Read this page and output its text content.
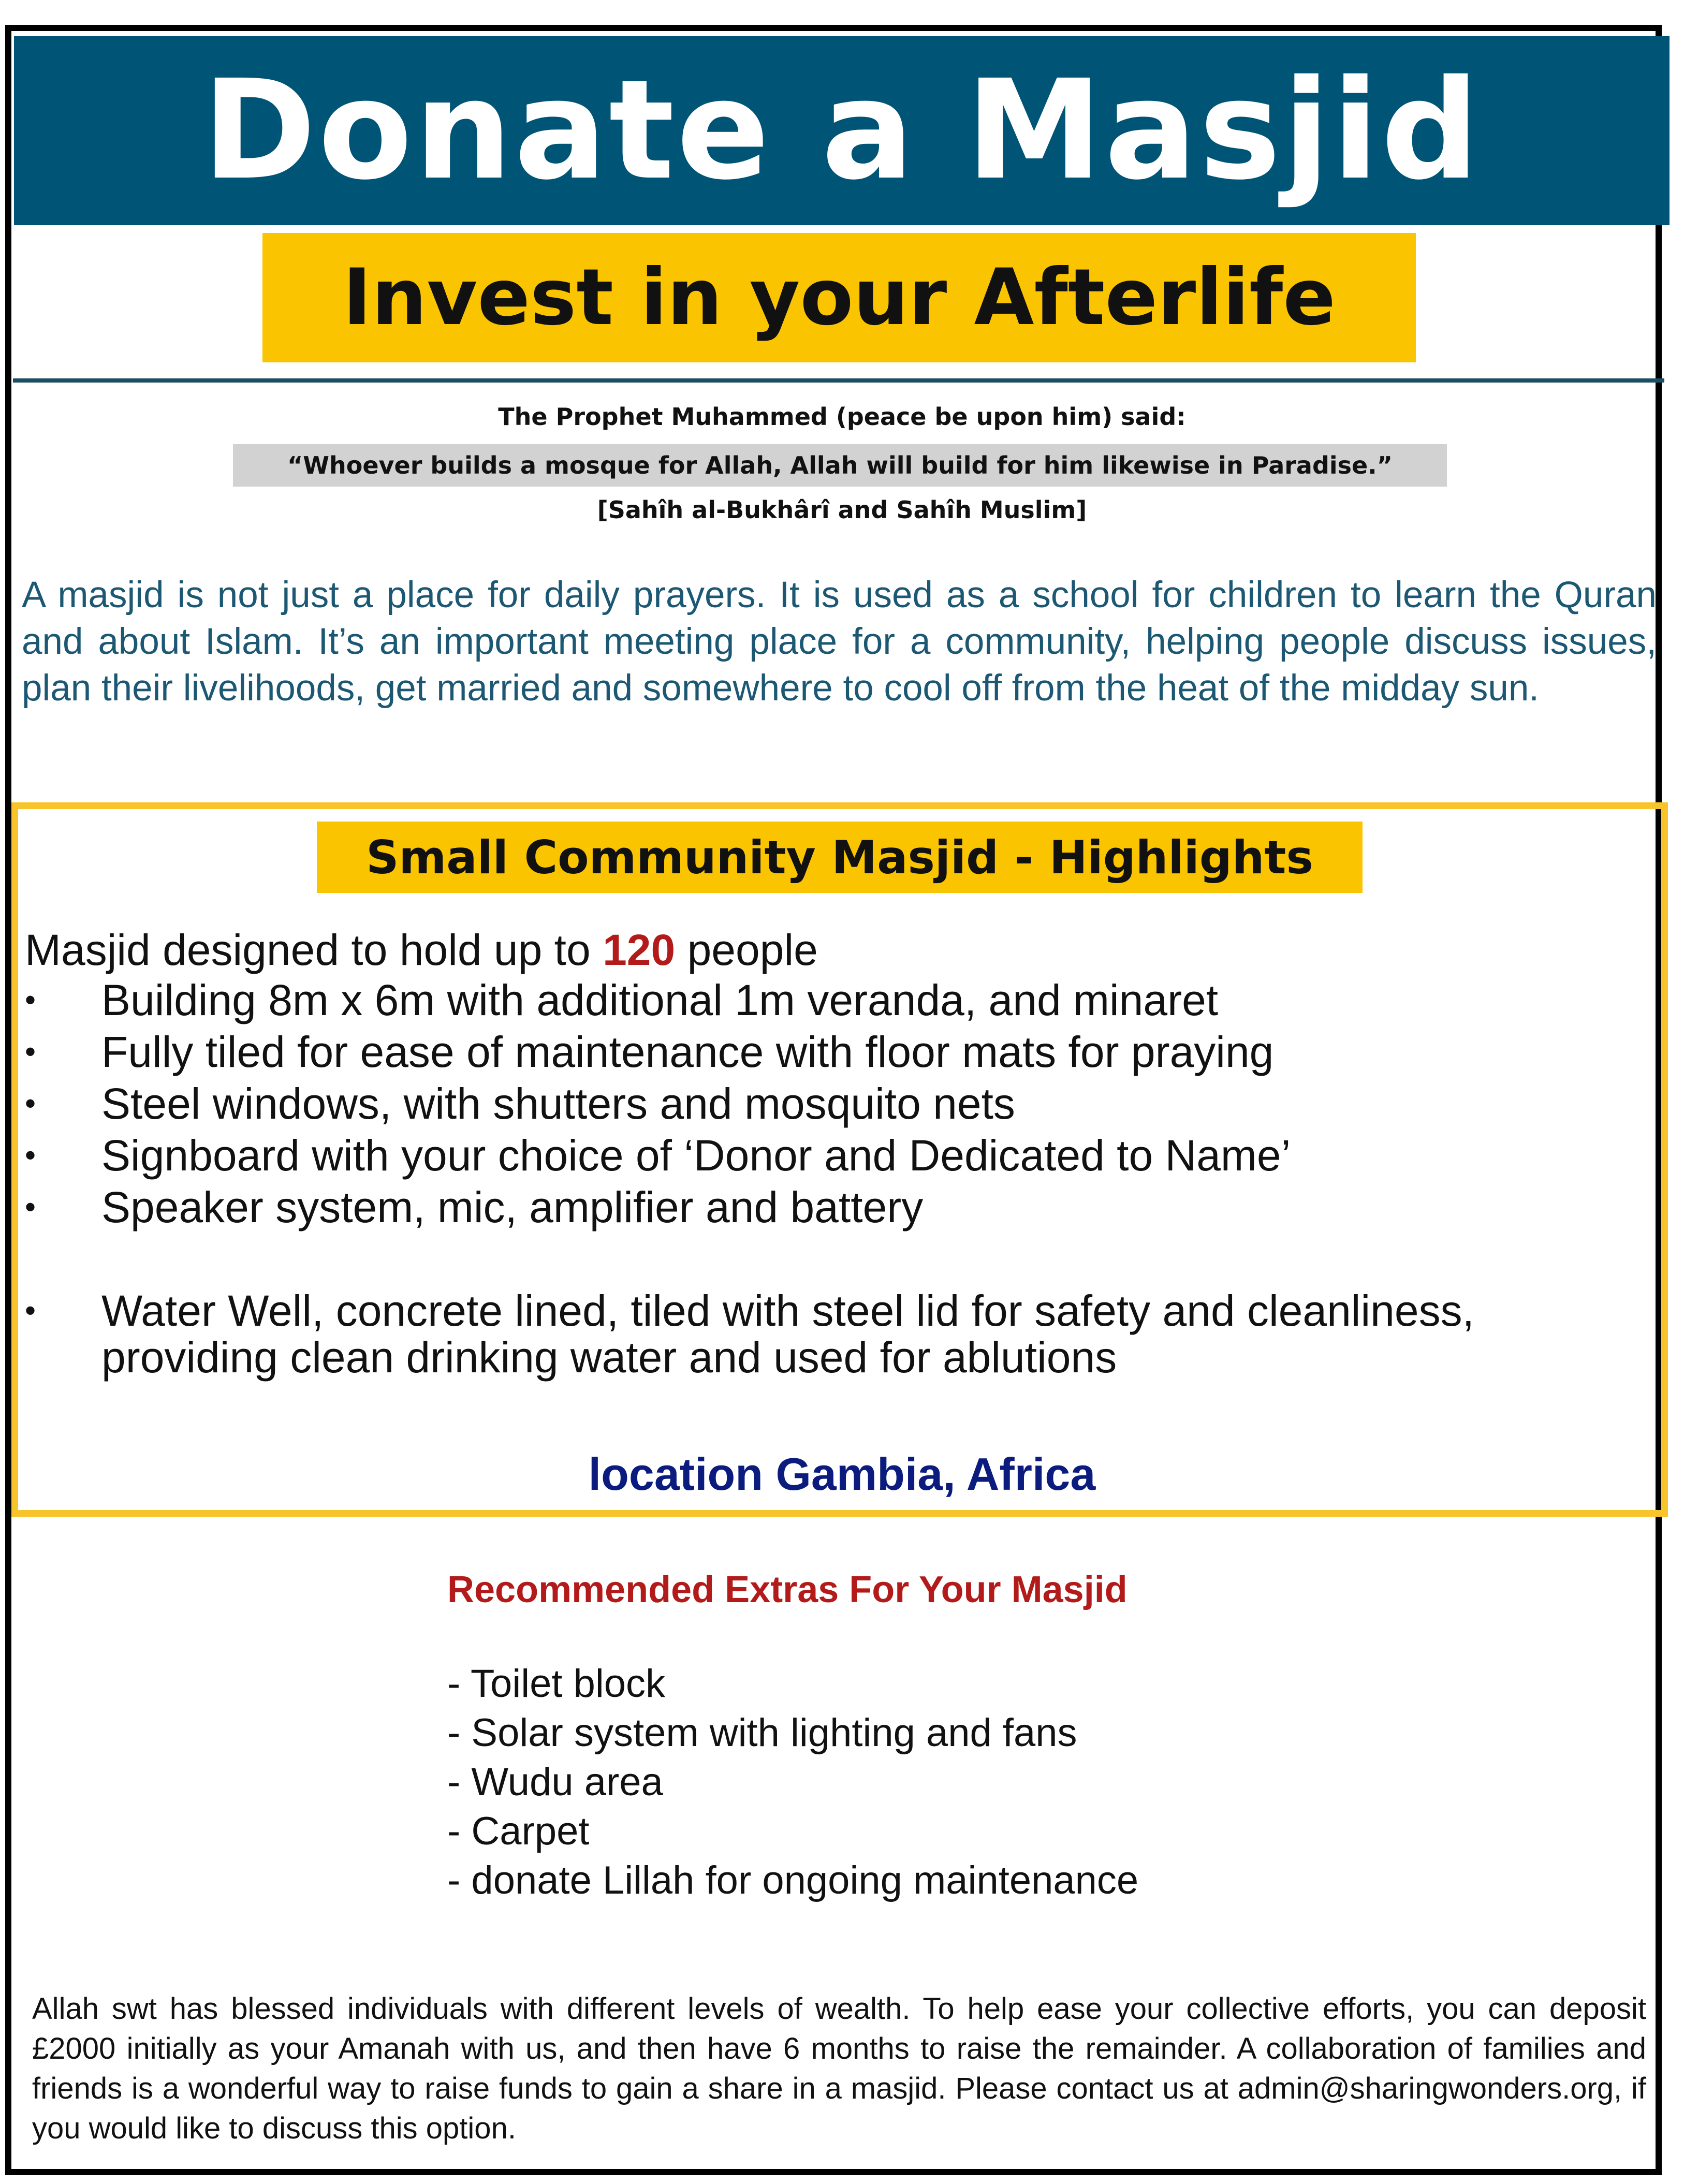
Donate a Masjid
Invest in your Afterlife
The Prophet Muhammed (peace be upon him) said:
“Whoever builds a mosque for Allah, Allah will build for him likewise in Paradise.”
[Sahîh al-Bukhârî and Sahîh Muslim]

A masjid is not just a place for daily prayers. It is used as a school for children to learn the Quran and about Islam. It’s an important meeting place for a community, helping people discuss issues, plan their livelihoods, get married and somewhere to cool off from the heat of the midday sun.

Small Community Masjid - Highlights
Masjid designed to hold up to 120 people
• Building 8m x 6m with additional 1m veranda, and minaret
• Fully tiled for ease of maintenance with floor mats for praying
• Steel windows, with shutters and mosquito nets
• Signboard with your choice of ‘Donor and Dedicated to Name’
• Speaker system, mic, amplifier and battery
• Water Well, concrete lined, tiled with steel lid for safety and cleanliness, providing clean drinking water and used for ablutions
location Gambia, Africa
Recommended Extras For Your Masjid
- Toilet block
- Solar system with lighting and fans
- Wudu area
- Carpet
- donate Lillah for ongoing maintenance

Allah swt has blessed individuals with different levels of wealth. To help ease your collective efforts, you can deposit £2000 initially as your Amanah with us, and then have 6 months to raise the remainder. A collaboration of families and friends is a wonderful way to raise funds to gain a share in a masjid. Please contact us at admin@sharingwonders.org, if you would like to discuss this option.
